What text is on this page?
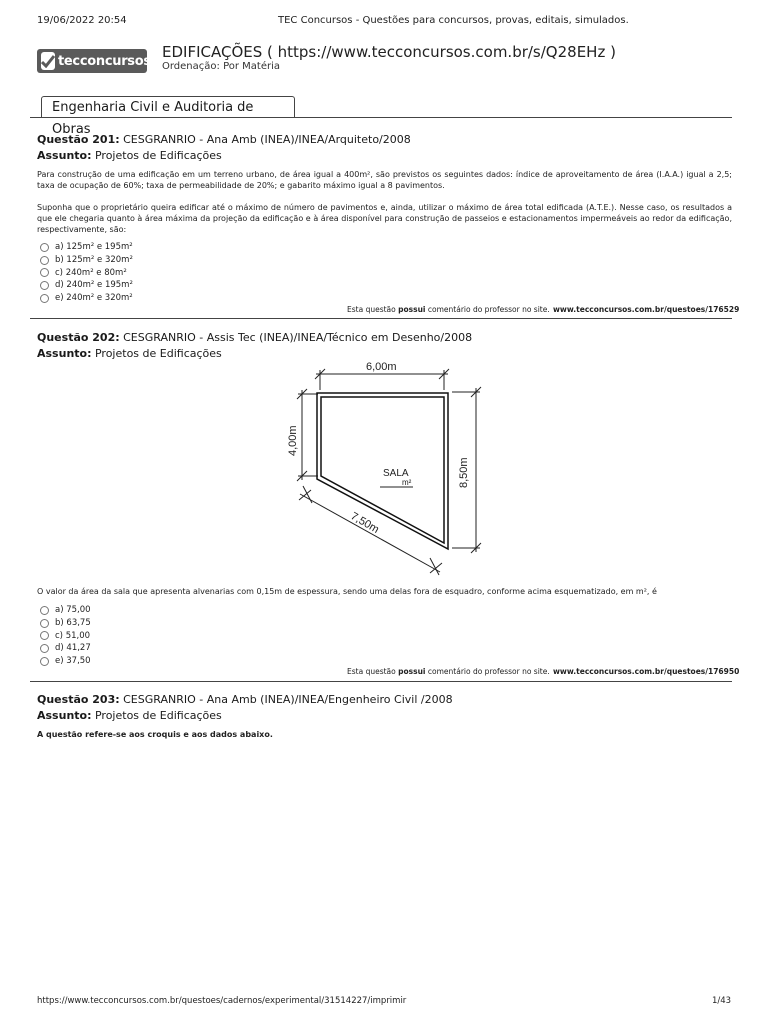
19/06/2022 20:54	TEC Concursos - Questões para concursos, provas, editais, simulados.
tecconcursos EDIFICAÇÕES ( https://www.tecconcursos.com.br/s/Q28EHz )
Ordenação: Por Matéria
Engenharia Civil e Auditoria de Obras
Questão 201: CESGRANRIO - Ana Amb (INEA)/INEA/Arquiteto/2008
Assunto: Projetos de Edificações
Para construção de uma edificação em um terreno urbano, de área igual a 400m², são previstos os seguintes dados: índice de aproveitamento de área (I.A.A.) igual a 2,5; taxa de ocupação de 60%; taxa de permeabilidade de 20%; e gabarito máximo igual a 8 pavimentos.
Suponha que o proprietário queira edificar até o máximo de número de pavimentos e, ainda, utilizar o máximo de área total edificada (A.T.E.). Nesse caso, os resultados a que ele chegaria quanto à área máxima da projeção da edificação e à área disponível para construção de passeios e estacionamentos impermeáveis ao redor da edificação, respectivamente, são:
a) 125m² e 195m²
b) 125m² e 320m²
c) 240m² e 80m²
d) 240m² e 195m²
e) 240m² e 320m²
Esta questão possui comentário do professor no site. www.tecconcursos.com.br/questoes/176529
Questão 202: CESGRANRIO - Assis Tec (INEA)/INEA/Técnico em Desenho/2008
Assunto: Projetos de Edificações
6,00m
4,00m
8,50m
7,50m
SALA
m²
O valor da área da sala que apresenta alvenarias com 0,15m de espessura, sendo uma delas fora de esquadro, conforme acima esquematizado, em m², é
a) 75,00
b) 63,75
c) 51,00
d) 41,27
e) 37,50
Esta questão possui comentário do professor no site. www.tecconcursos.com.br/questoes/176950
Questão 203: CESGRANRIO - Ana Amb (INEA)/INEA/Engenheiro Civil /2008
Assunto: Projetos de Edificações
A questão refere-se aos croquis e aos dados abaixo.
https://www.tecconcursos.com.br/questoes/cadernos/experimental/31514227/imprimir	1/43
